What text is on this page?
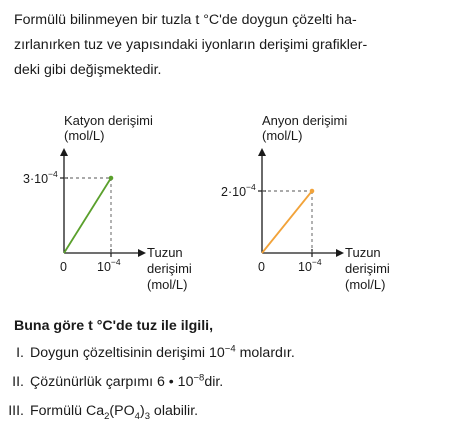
Formülü bilinmeyen bir tuzla t °C'de doygun çözelti ha-
zırlanırken tuz ve yapısındaki iyonların derişimi grafikler-
deki gibi değişmektedir.
Katyon derişimi
(mol/L)
$3\cdot 10^{-4}$
0 $10^{-4}$
Tuzun
derişimi
(mol/L)
Anyon derişimi
(mol/L)
$2\cdot 10^{-4}$
0	$10^{-4}$
Tuzun
derişimi
(mol/L)
Buna göre t °C'de tuz ile ilgili,
I. Doygun çözeltisinin derişimi $10^{-4}$ molardır.
II. Çözünürlük çarpımı 6 • $10^{-8}dir$.
III. Formülü $Ca_2(PO_4)_3$ olabilir.
